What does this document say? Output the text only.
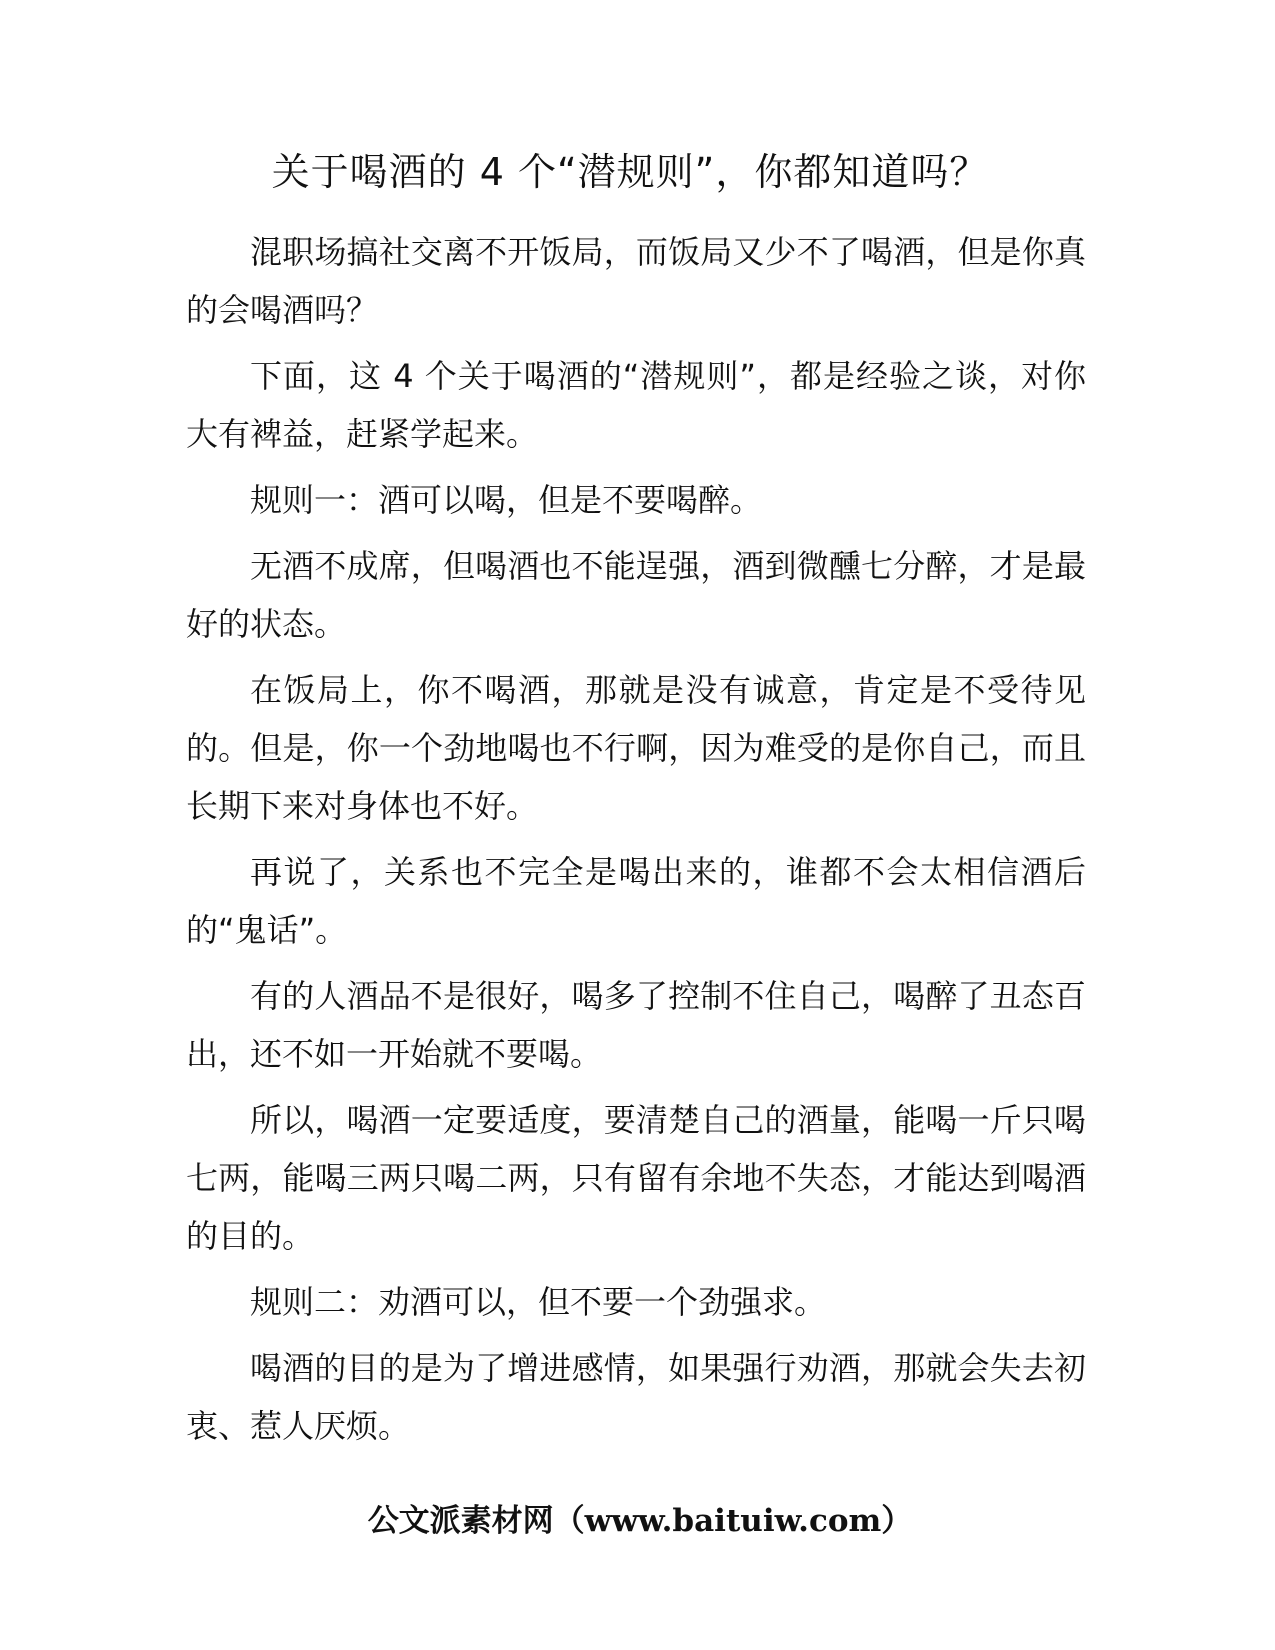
关于喝酒的 4 个“潜规则”，你都知道吗？

混职场搞社交离不开饭局，而饭局又少不了喝酒，但是你真的会喝酒吗？

下面，这 4 个关于喝酒的“潜规则”，都是经验之谈，对你大有裨益，赶紧学起来。

规则一：酒可以喝，但是不要喝醉。

无酒不成席，但喝酒也不能逞强，酒到微醺七分醉，才是最好的状态。

在饭局上，你不喝酒，那就是没有诚意，肯定是不受待见的。但是，你一个劲地喝也不行啊，因为难受的是你自己，而且长期下来对身体也不好。

再说了，关系也不完全是喝出来的，谁都不会太相信酒后的“鬼话”。

有的人酒品不是很好，喝多了控制不住自己，喝醉了丑态百出，还不如一开始就不要喝。

所以，喝酒一定要适度，要清楚自己的酒量，能喝一斤只喝七两，能喝三两只喝二两，只有留有余地不失态，才能达到喝酒的目的。

规则二：劝酒可以，但不要一个劲强求。

喝酒的目的是为了增进感情，如果强行劝酒，那就会失去初衷、惹人厌烦。

公文派素材网（www.baituiw.com）
